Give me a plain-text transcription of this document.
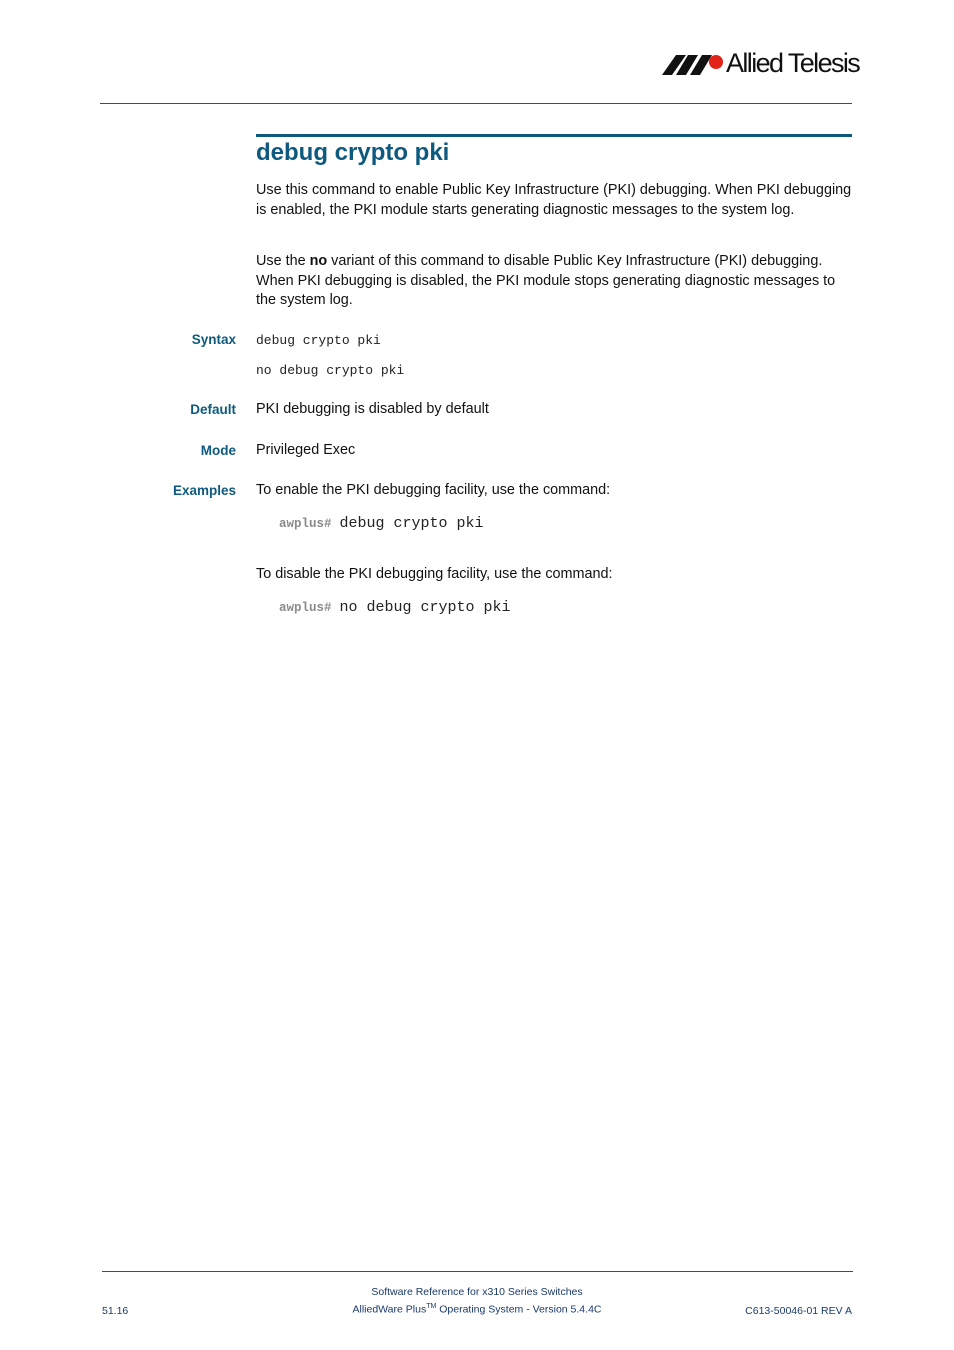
Allied Telesis
debug crypto pki

Use this command to enable Public Key Infrastructure (PKI) debugging. When PKI debugging is enabled, the PKI module starts generating diagnostic messages to the system log.

Use the no variant of this command to disable Public Key Infrastructure (PKI) debugging. When PKI debugging is disabled, the PKI module stops generating diagnostic messages to the system log.

Syntax debug crypto pki

no debug crypto pki

Default PKI debugging is disabled by default

Mode Privileged Exec

Examples To enable the PKI debugging facility, use the command:

awplus# debug crypto pki

To disable the PKI debugging facility, use the command:

awplus# no debug crypto pki

51.16

Software Reference for x310 Series Switches

AlliedWare Plus™ Operating System - Version 5.4.4C	C613-50046-01 REV A
